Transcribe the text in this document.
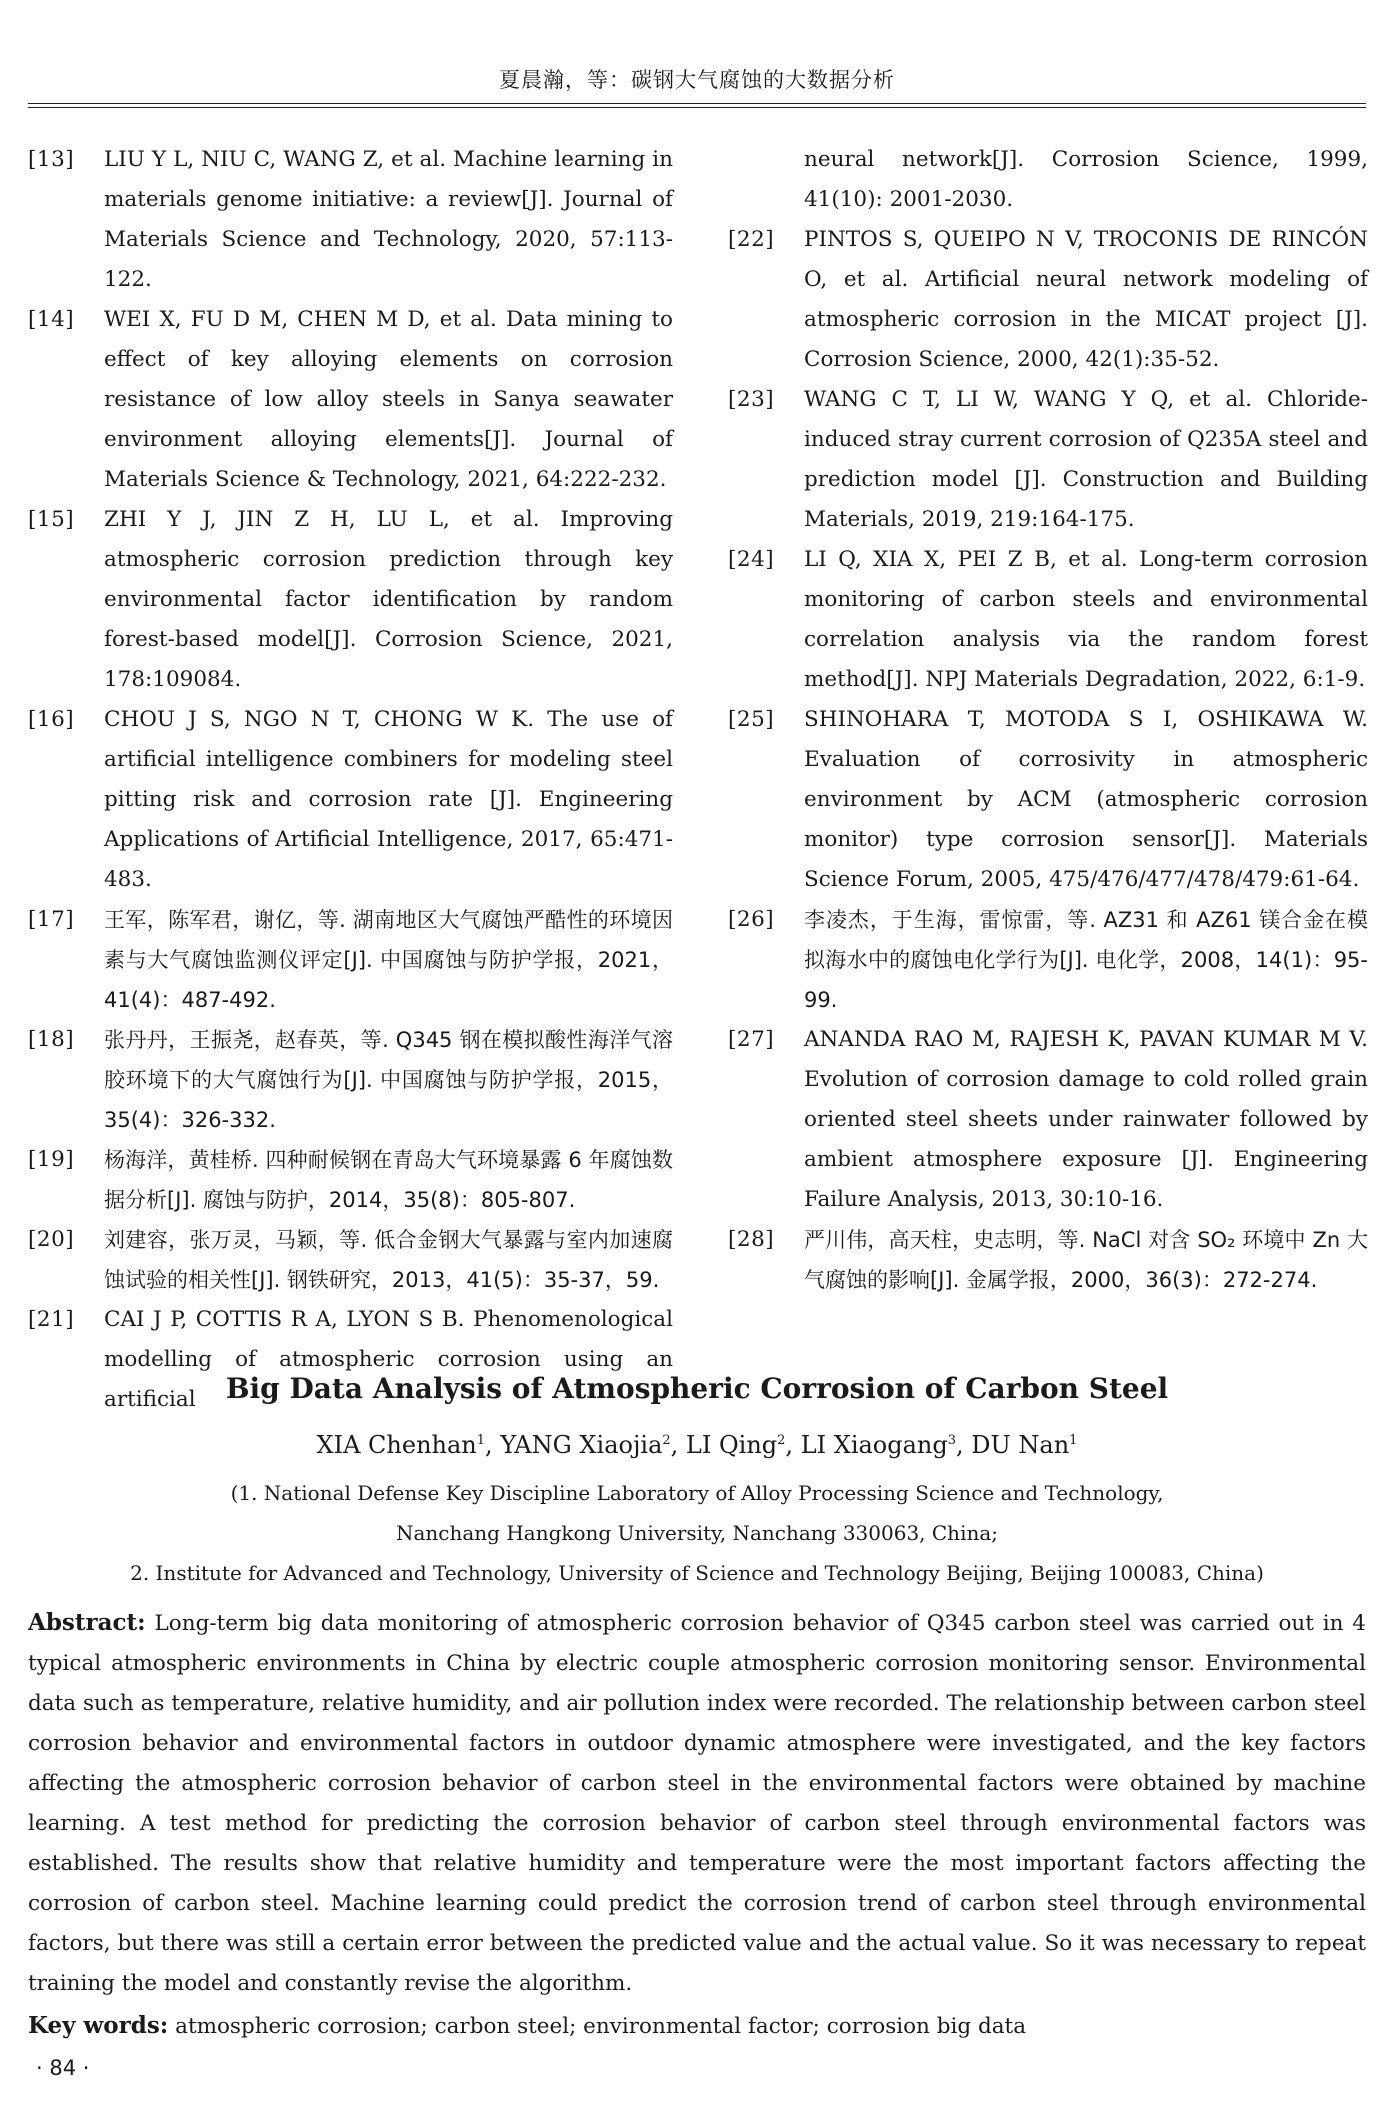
夏晨瀚，等：碳钢大气腐蚀的大数据分析
[13]	LIU Y L, NIU C, WANG Z, et al. Machine learning in materials genome initiative: a review[J]. Journal of Materials Science and Technology, 2020, 57:113-122.
[14]	WEI X, FU D M, CHEN M D, et al. Data mining to effect of key alloying elements on corrosion resistance of low alloy steels in Sanya seawater environment alloying elements[J]. Journal of Materials Science & Technology, 2021, 64:222-232.
[15]	ZHI Y J, JIN Z H, LU L, et al. Improving atmospheric corrosion prediction through key environmental factor identification by random forest-based model[J]. Corrosion Science, 2021, 178:109084.
[16]	CHOU J S, NGO N T, CHONG W K. The use of artificial intelligence combiners for modeling steel pitting risk and corrosion rate [J]. Engineering Applications of Artificial Intelligence, 2017, 65:471-483.
[17]	王军，陈军君，谢亿，等. 湖南地区大气腐蚀严酷性的环境因素与大气腐蚀监测仪评定[J]. 中国腐蚀与防护学报，2021，41(4)：487-492.
[18]	张丹丹，王振尧，赵春英，等. Q345 钢在模拟酸性海洋气溶胶环境下的大气腐蚀行为[J]. 中国腐蚀与防护学报，2015，35(4)：326-332.
[19]	杨海洋，黄桂桥. 四种耐候钢在青岛大气环境暴露 6 年腐蚀数据分析[J]. 腐蚀与防护，2014，35(8)：805-807.
[20]	刘建容，张万灵，马颖，等. 低合金钢大气暴露与室内加速腐蚀试验的相关性[J]. 钢铁研究，2013，41(5)：35-37，59.
[21]	CAI J P, COTTIS R A, LYON S B. Phenomenological modelling of atmospheric corrosion using an artificial
neural network[J]. Corrosion Science, 1999, 41(10): 2001-2030.
[22]	PINTOS S, QUEIPO N V, TROCONIS DE RINCÓN O, et al. Artificial neural network modeling of atmospheric corrosion in the MICAT project [J]. Corrosion Science, 2000, 42(1):35-52.
[23]	WANG C T, LI W, WANG Y Q, et al. Chloride-induced stray current corrosion of Q235A steel and prediction model [J]. Construction and Building Materials, 2019, 219:164-175.
[24]	LI Q, XIA X, PEI Z B, et al. Long-term corrosion monitoring of carbon steels and environmental correlation analysis via the random forest method[J]. NPJ Materials Degradation, 2022, 6:1-9.
[25]	SHINOHARA T, MOTODA S I, OSHIKAWA W. Evaluation of corrosivity in atmospheric environment by ACM (atmospheric corrosion monitor) type corrosion sensor[J]. Materials Science Forum, 2005, 475/476/477/478/479:61-64.
[26]	李凌杰，于生海，雷惊雷，等. AZ31 和 AZ61 镁合金在模拟海水中的腐蚀电化学行为[J]. 电化学，2008，14(1)：95-99.
[27]	ANANDA RAO M, RAJESH K, PAVAN KUMAR M V. Evolution of corrosion damage to cold rolled grain oriented steel sheets under rainwater followed by ambient atmosphere exposure [J]. Engineering Failure Analysis, 2013, 30:10-16.
[28]	严川伟，高天柱，史志明，等. NaCl 对含 SO₂ 环境中 Zn 大气腐蚀的影响[J]. 金属学报，2000，36(3)：272-274.
Big Data Analysis of Atmospheric Corrosion of Carbon Steel
XIA Chenhan$^1$, YANG Xiaojia$^2$, LI Qing$^2$, LI Xiaogang$^3$, DU Nan$^1$
(1. National Defense Key Discipline Laboratory of Alloy Processing Science and Technology,
Nanchang Hangkong University, Nanchang 330063, China;
2. Institute for Advanced and Technology, University of Science and Technology Beijing, Beijing 100083, China)
Abstract: Long-term big data monitoring of atmospheric corrosion behavior of Q345 carbon steel was carried out in 4 typical atmospheric environments in China by electric couple atmospheric corrosion monitoring sensor. Environmental data such as temperature, relative humidity, and air pollution index were recorded. The relationship between carbon steel corrosion behavior and environmental factors in outdoor dynamic atmosphere were investigated, and the key factors affecting the atmospheric corrosion behavior of carbon steel in the environmental factors were obtained by machine learning. A test method for predicting the corrosion behavior of carbon steel through environmental factors was established. The results show that relative humidity and temperature were the most important factors affecting the corrosion of carbon steel. Machine learning could predict the corrosion trend of carbon steel through environmental factors, but there was still a certain error between the predicted value and the actual value. So it was necessary to repeat training the model and constantly revise the algorithm.
Key words: atmospheric corrosion; carbon steel; environmental factor; corrosion big data
· 84 ·
